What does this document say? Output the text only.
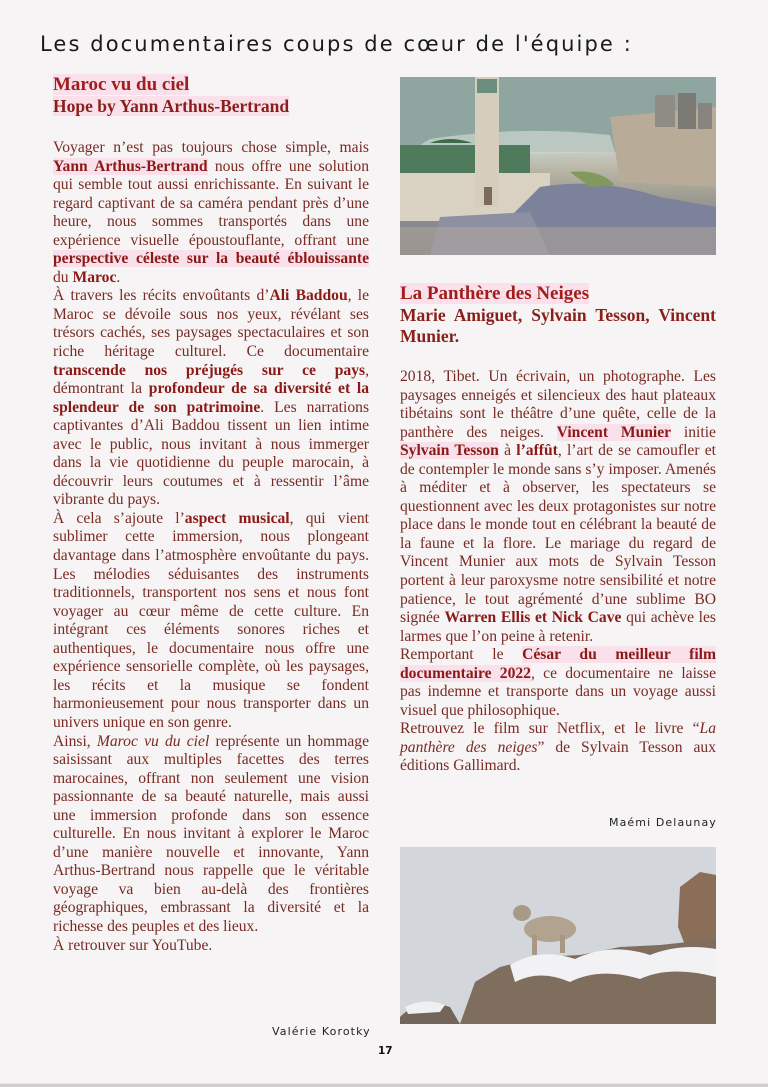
Les documentaires coups de cœur de l'équipe :
Maroc vu du ciel
Hope by Yann Arthus-Bertrand

Voyager n’est pas toujours chose simple, mais Yann Arthus-Bertrand nous offre une solution qui semble tout aussi enrichissante. En suivant le regard captivant de sa caméra pendant près d’une heure, nous sommes transportés dans une expérience visuelle époustouflante, offrant une perspective céleste sur la beauté éblouissante du Maroc.

À travers les récits envoûtants d’Ali Baddou, le Maroc se dévoile sous nos yeux, révélant ses trésors cachés, ses paysages spectaculaires et son riche héritage culturel. Ce documentaire transcende nos préjugés sur ce pays, démontrant la profondeur de sa diversité et la splendeur de son patrimoine. Les narrations captivantes d’Ali Baddou tissent un lien intime avec le public, nous invitant à nous immerger dans la vie quotidienne du peuple marocain, à découvrir leurs coutumes et à ressentir l’âme vibrante du pays.

À cela s’ajoute l’aspect musical, qui vient sublimer cette immersion, nous plongeant davantage dans l’atmosphère envoûtante du pays. Les mélodies séduisantes des instruments traditionnels, transportent nos sens et nous font voyager au cœur même de cette culture. En intégrant ces éléments sonores riches et authentiques, le documentaire nous offre une expérience sensorielle complète, où les paysages, les récits et la musique se fondent harmonieusement pour nous transporter dans un univers unique en son genre.

Ainsi, Maroc vu du ciel représente un hommage saisissant aux multiples facettes des terres marocaines, offrant non seulement une vision passionnante de sa beauté naturelle, mais aussi une immersion profonde dans son essence culturelle. En nous invitant à explorer le Maroc d’une manière nouvelle et innovante, Yann Arthus-Bertrand nous rappelle que le véritable voyage va bien au-delà des frontières géographiques, embrassant la diversité et la richesse des peuples et des lieux.

À retrouver sur YouTube.

Valérie Korotky
La Panthère des Neiges
Marie Amiguet, Sylvain Tesson, Vincent Munier.

2018, Tibet. Un écrivain, un photographe. Les paysages enneigés et silencieux des haut plateaux tibétains sont le théâtre d’une quête, celle de la panthère des neiges. Vincent Munier initie Sylvain Tesson à l’affût, l’art de se camoufler et de contempler le monde sans s’y imposer. Amenés à méditer et à observer, les spectateurs se questionnent avec les deux protagonistes sur notre place dans le monde tout en célébrant la beauté de la faune et la flore. Le mariage du regard de Vincent Munier aux mots de Sylvain Tesson portent à leur paroxysme notre sensibilité et notre patience, le tout agrémenté d’une sublime BO signée Warren Ellis et Nick Cave qui achève les larmes que l’on peine à retenir.

Remportant le César du meilleur film documentaire 2022, ce documentaire ne laisse pas indemne et transporte dans un voyage aussi visuel que philosophique.

Retrouvez le film sur Netflix, et le livre “La panthère des neiges” de Sylvain Tesson aux éditions Gallimard.

Maémi Delaunay
17
